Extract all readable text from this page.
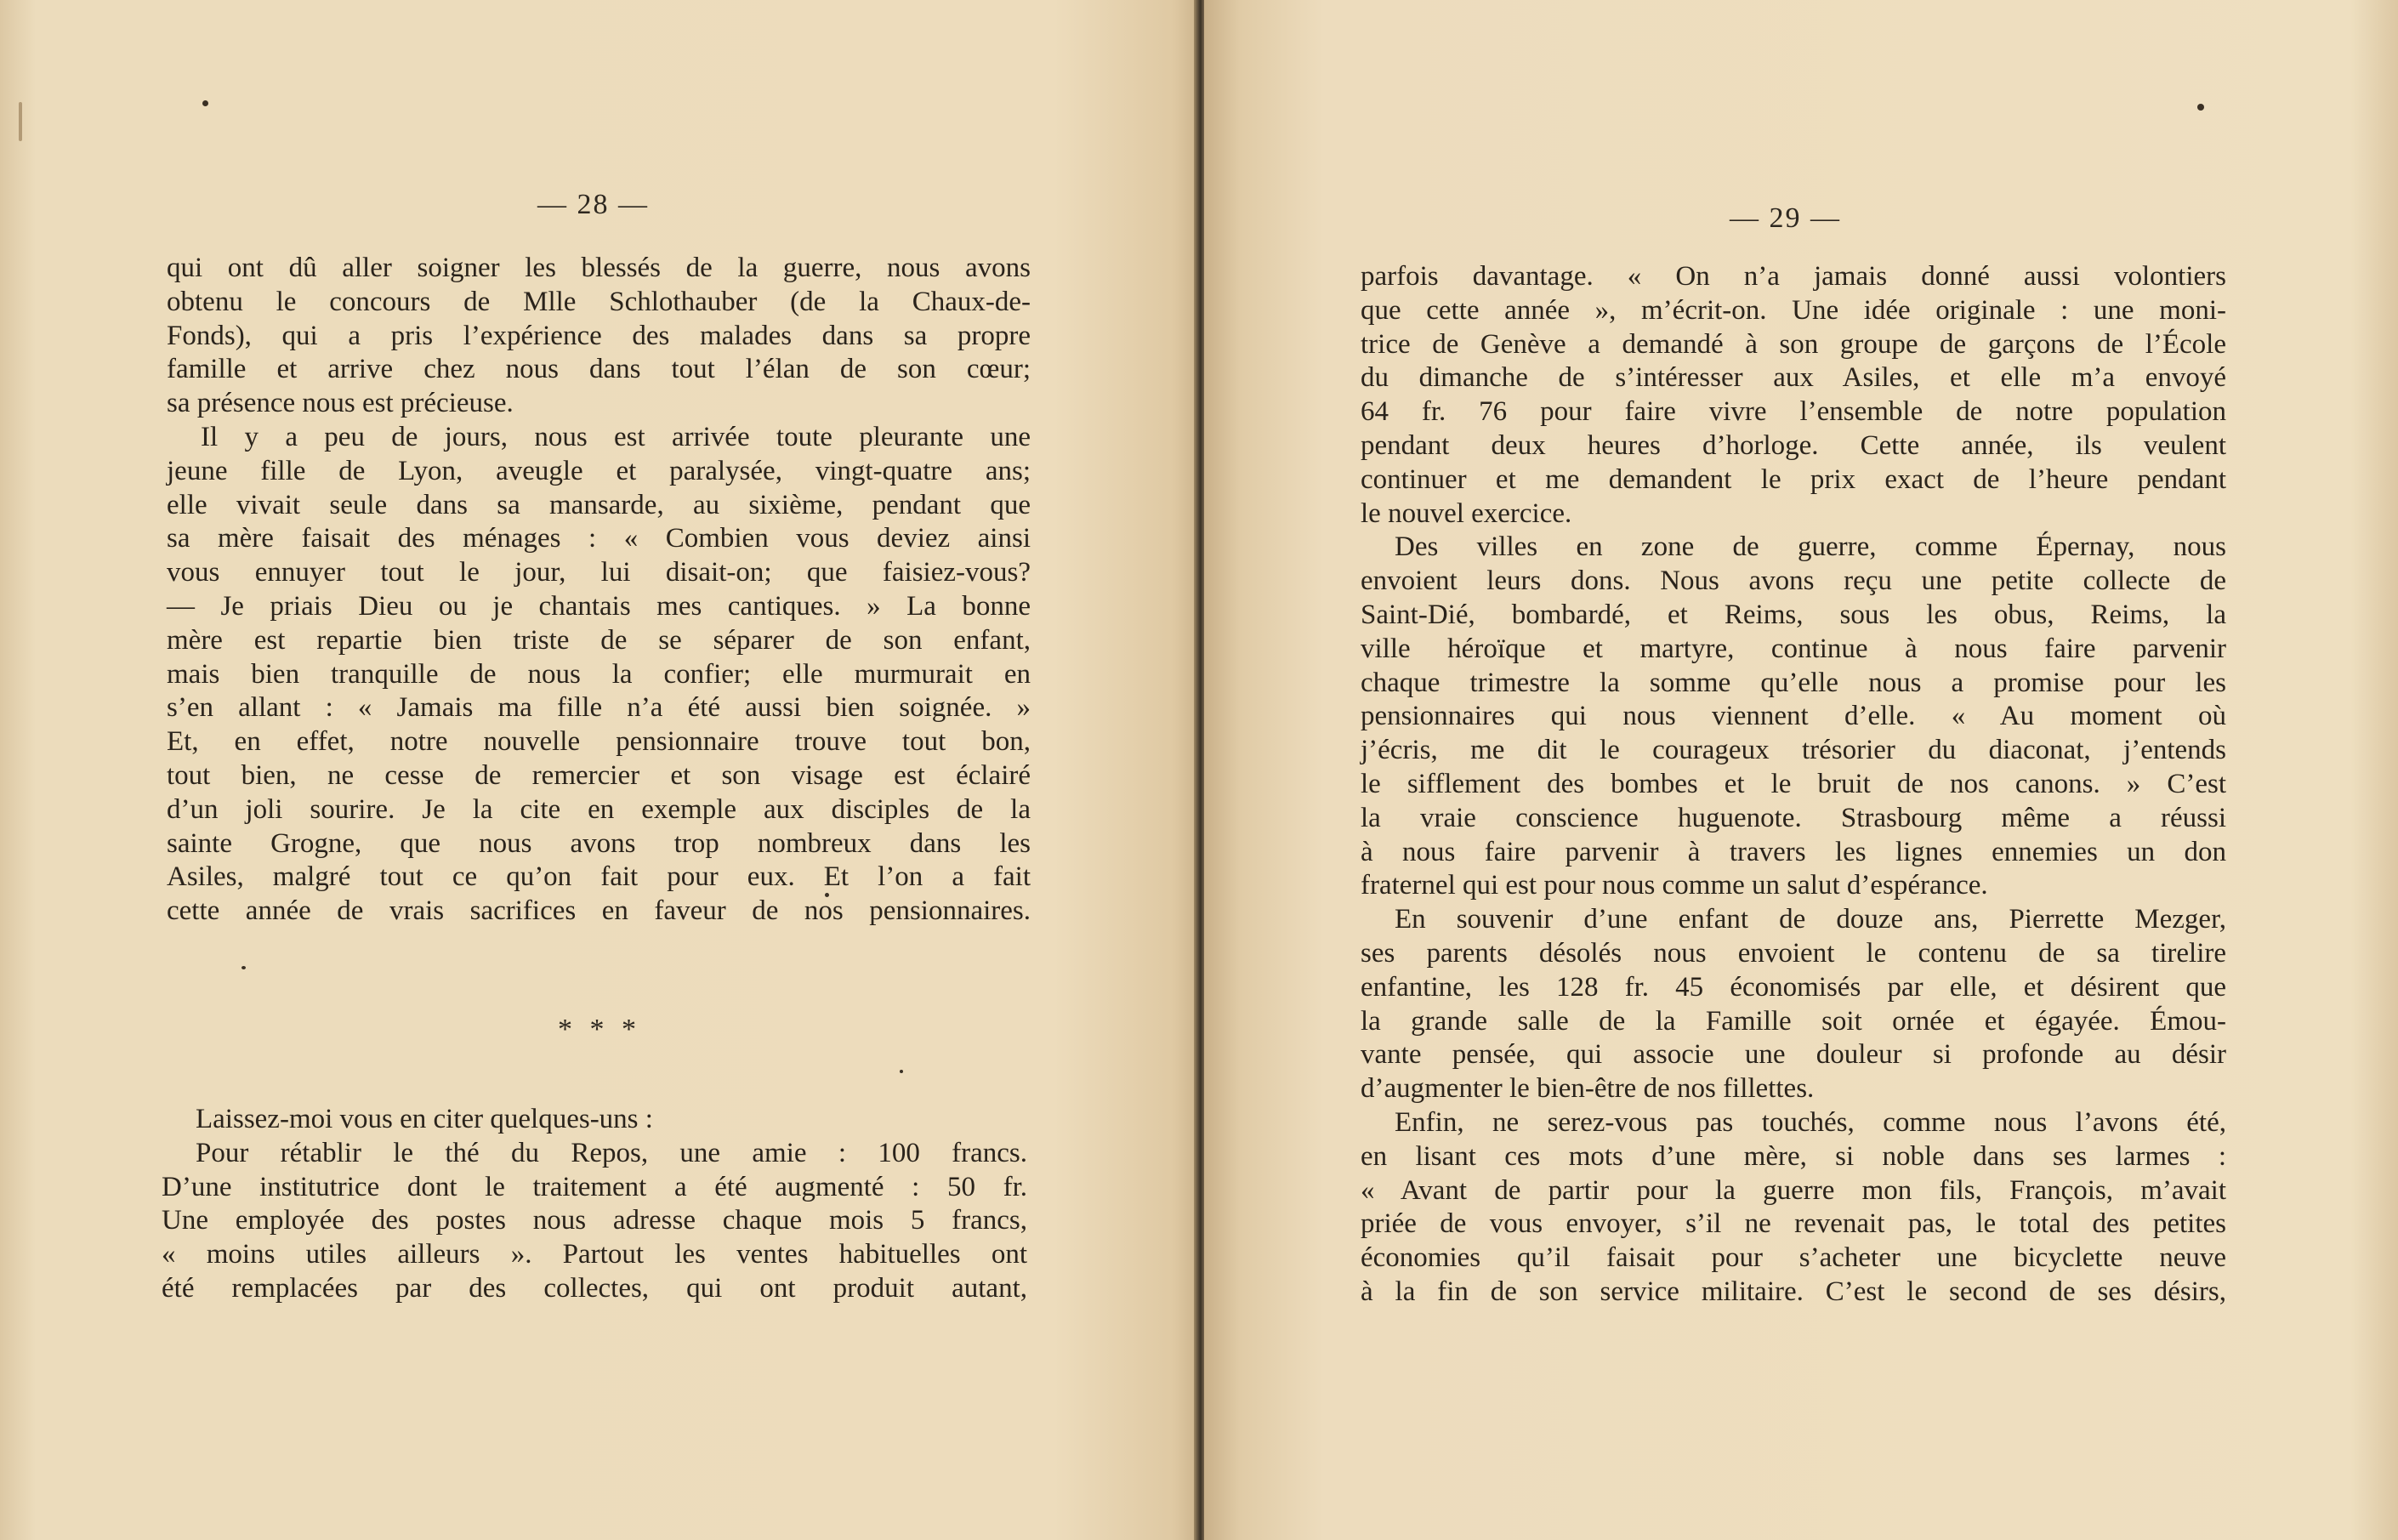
— 28 —
qui ont dû aller soigner les blessés de la guerre, nous avons
obtenu le concours de Mlle Schlothauber (de la Chaux-de-
Fonds), qui a pris l’expérience des malades dans sa propre
famille et arrive chez nous dans tout l’élan de son cœur;
sa présence nous est précieuse.
Il y a peu de jours, nous est arrivée toute pleurante une
jeune fille de Lyon, aveugle et paralysée, vingt-quatre ans;
elle vivait seule dans sa mansarde, au sixième, pendant que
sa mère faisait des ménages : « Combien vous deviez ainsi
vous ennuyer tout le jour, lui disait-on; que faisiez-vous?
— Je priais Dieu ou je chantais mes cantiques. » La bonne
mère est repartie bien triste de se séparer de son enfant,
mais bien tranquille de nous la confier; elle murmurait en
s’en allant : « Jamais ma fille n’a été aussi bien soignée. »
Et, en effet, notre nouvelle pensionnaire trouve tout bon,
tout bien, ne cesse de remercier et son visage est éclairé
d’un joli sourire. Je la cite en exemple aux disciples de la
sainte Grogne, que nous avons trop nombreux dans les
Asiles, malgré tout ce qu’on fait pour eux. Et l’on a fait
cette année de vrais sacrifices en faveur de nos pensionnaires.
* * *
Laissez-moi vous en citer quelques-uns :
Pour rétablir le thé du Repos, une amie : 100 francs.
D’une institutrice dont le traitement a été augmenté : 50 fr.
Une employée des postes nous adresse chaque mois 5 francs,
« moins utiles ailleurs ». Partout les ventes habituelles ont
été remplacées par des collectes, qui ont produit autant,
— 29 —
parfois davantage. « On n’a jamais donné aussi volontiers
que cette année », m’écrit-on. Une idée originale : une moni-
trice de Genève a demandé à son groupe de garçons de l’École
du dimanche de s’intéresser aux Asiles, et elle m’a envoyé
64 fr. 76 pour faire vivre l’ensemble de notre population
pendant deux heures d’horloge. Cette année, ils veulent
continuer et me demandent le prix exact de l’heure pendant
le nouvel exercice.
Des villes en zone de guerre, comme Épernay, nous
envoient leurs dons. Nous avons reçu une petite collecte de
Saint-Dié, bombardé, et Reims, sous les obus, Reims, la
ville héroïque et martyre, continue à nous faire parvenir
chaque trimestre la somme qu’elle nous a promise pour les
pensionnaires qui nous viennent d’elle. « Au moment où
j’écris, me dit le courageux trésorier du diaconat, j’entends
le sifflement des bombes et le bruit de nos canons. » C’est
la vraie conscience huguenote. Strasbourg même a réussi
à nous faire parvenir à travers les lignes ennemies un don
fraternel qui est pour nous comme un salut d’espérance.
En souvenir d’une enfant de douze ans, Pierrette Mezger,
ses parents désolés nous envoient le contenu de sa tirelire
enfantine, les 128 fr. 45 économisés par elle, et désirent que
la grande salle de la Famille soit ornée et égayée. Émou-
vante pensée, qui associe une douleur si profonde au désir
d’augmenter le bien-être de nos fillettes.
Enfin, ne serez-vous pas touchés, comme nous l’avons été,
en lisant ces mots d’une mère, si noble dans ses larmes :
« Avant de partir pour la guerre mon fils, François, m’avait
priée de vous envoyer, s’il ne revenait pas, le total des petites
économies qu’il faisait pour s’acheter une bicyclette neuve
à la fin de son service militaire. C’est le second de ses désirs,
